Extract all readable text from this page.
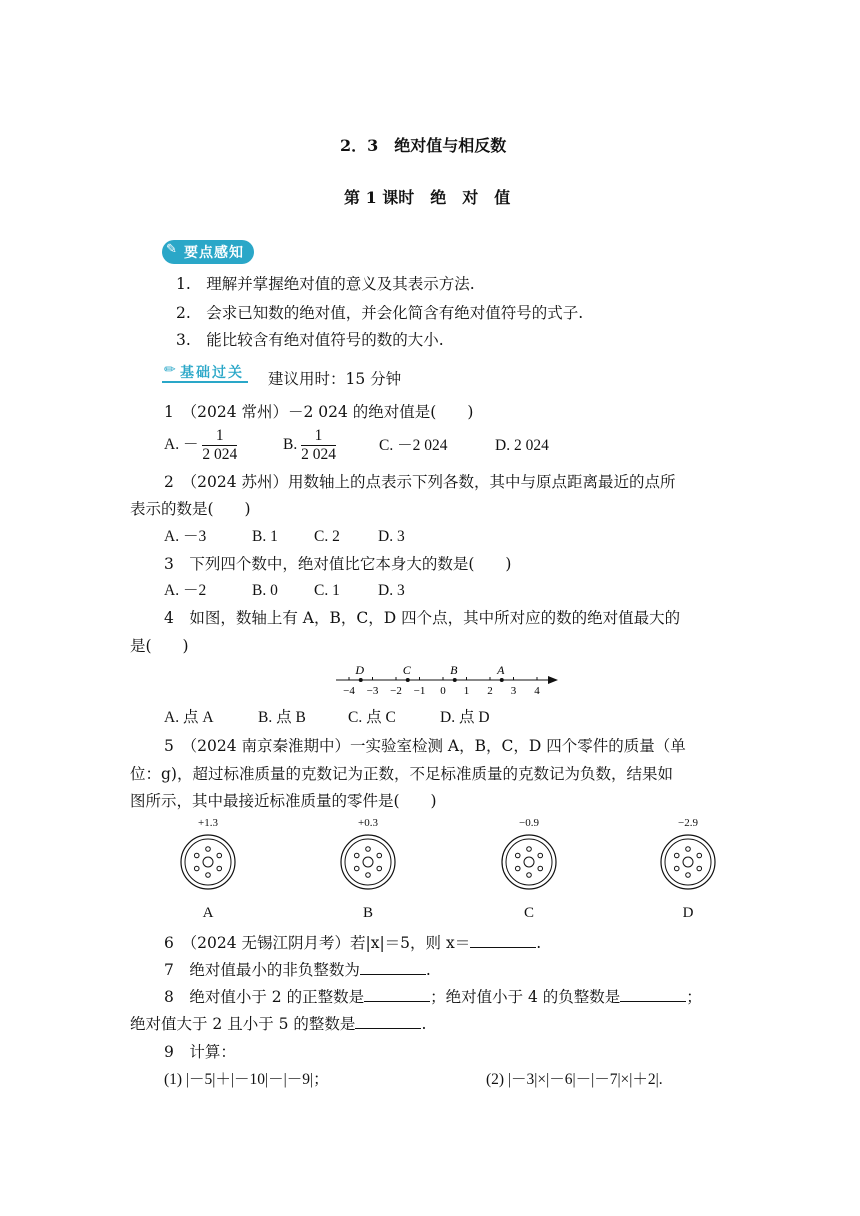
2．3　绝对值与相反数
第 1 课时　绝　对　值
✎ 要点感知
1.　理解并掌握绝对值的意义及其表示方法.
2.　会求已知数的绝对值，并会化简含有绝对值符号的式子.
3.　能比较含有绝对值符号的数的大小.
✏ 基础过关 建议用时：15 分钟
1　（2024 常州）－2 024 的绝对值是(　　)
A. － $\frac{1}{2 024}$	B. $\frac{1}{2 024}$	C. －2 024	D. 2 024
2　（2024 苏州）用数轴上的点表示下列各数，其中与原点距离最近的点所
表示的数是(　　)
A. －3	B. 1 C. 2 D. 3
3　下列四个数中，绝对值比它本身大的数是(　　)
A. －2	B. 0 C. 1 D. 3
4　如图，数轴上有 A，B，C，D 四个点，其中所对应的数的绝对值最大的
是(　　)
−4 −3 −2 −1 0 1 2 3 4
D	C	B	A
A. 点 A	B. 点 B	C. 点 C	D. 点 D
5　（2024 南京秦淮期中）一实验室检测 A，B，C，D 四个零件的质量（单
位：g)，超过标准质量的克数记为正数，不足标准质量的克数记为负数，结果如
图所示，其中最接近标准质量的零件是(　　)
+1.3
A
+0.3
B
−0.9
C
−2.9
D
6　（2024 无锡江阴月考）若|x|＝5，则 x＝	.
7　绝对值最小的非负整数为	.
8　绝对值小于 2 的正整数是	；绝对值小于 4 的负整数是	；
绝对值大于 2 且小于 5 的整数是	.
9　计算：
(1) |－5|＋|－10|－|－9|；	(2) |－3|×|－6|－|－7|×|＋2|.
